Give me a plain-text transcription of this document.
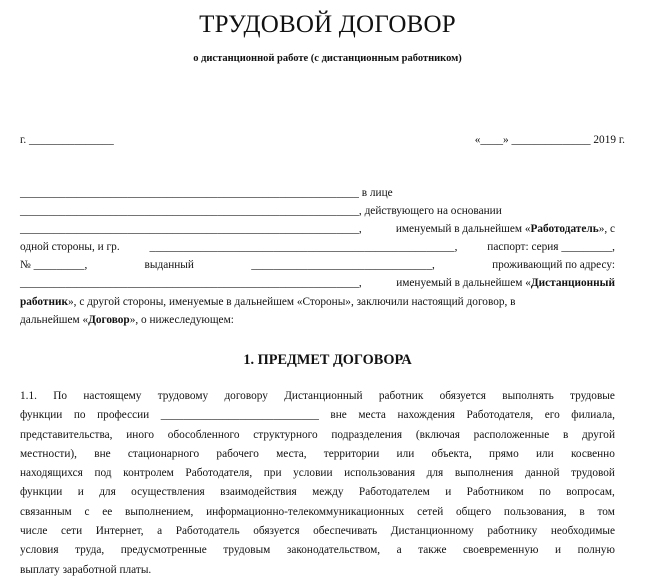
ТРУДОВОЙ ДОГОВОР
о дистанционной работе (с дистанционным работником)
г. _______________	«____» ______________ 2019 г.
____________________________________________________________ в лице
____________________________________________________________, действующего на основании
____________________________________________________________,	именуемый в дальнейшем «Работодатель», с
одной стороны, и гр.	______________________________________________________,	паспорт: серия _________,
№ _________,	выданный	________________________________,	проживающий по адресу:
____________________________________________________________,	именуемый в дальнейшем «Дистанционный
работник», с другой стороны, именуемые в дальнейшем «Стороны», заключили настоящий договор, в
дальнейшем «Договор», о нижеследующем:
1. ПРЕДМЕТ ДОГОВОРА
1.1. По настоящему трудовому договору Дистанционный работник обязуется выполнять трудовые
функции по профессии ____________________________ вне места нахождения Работодателя, его филиала,
представительства, иного обособленного структурного подразделения (включая расположенные в другой
местности), вне стационарного рабочего места, территории или объекта, прямо или косвенно
находящихся под контролем Работодателя, при условии использования для выполнения данной трудовой
функции и для осуществления взаимодействия между Работодателем и Работником по вопросам,
связанным с ее выполнением, информационно-телекоммуникационных сетей общего пользования, в том
числе сети Интернет, а Работодатель обязуется обеспечивать Дистанционному работнику необходимые
условия труда, предусмотренные трудовым законодательством, а также своевременную и полную
выплату заработной платы.
